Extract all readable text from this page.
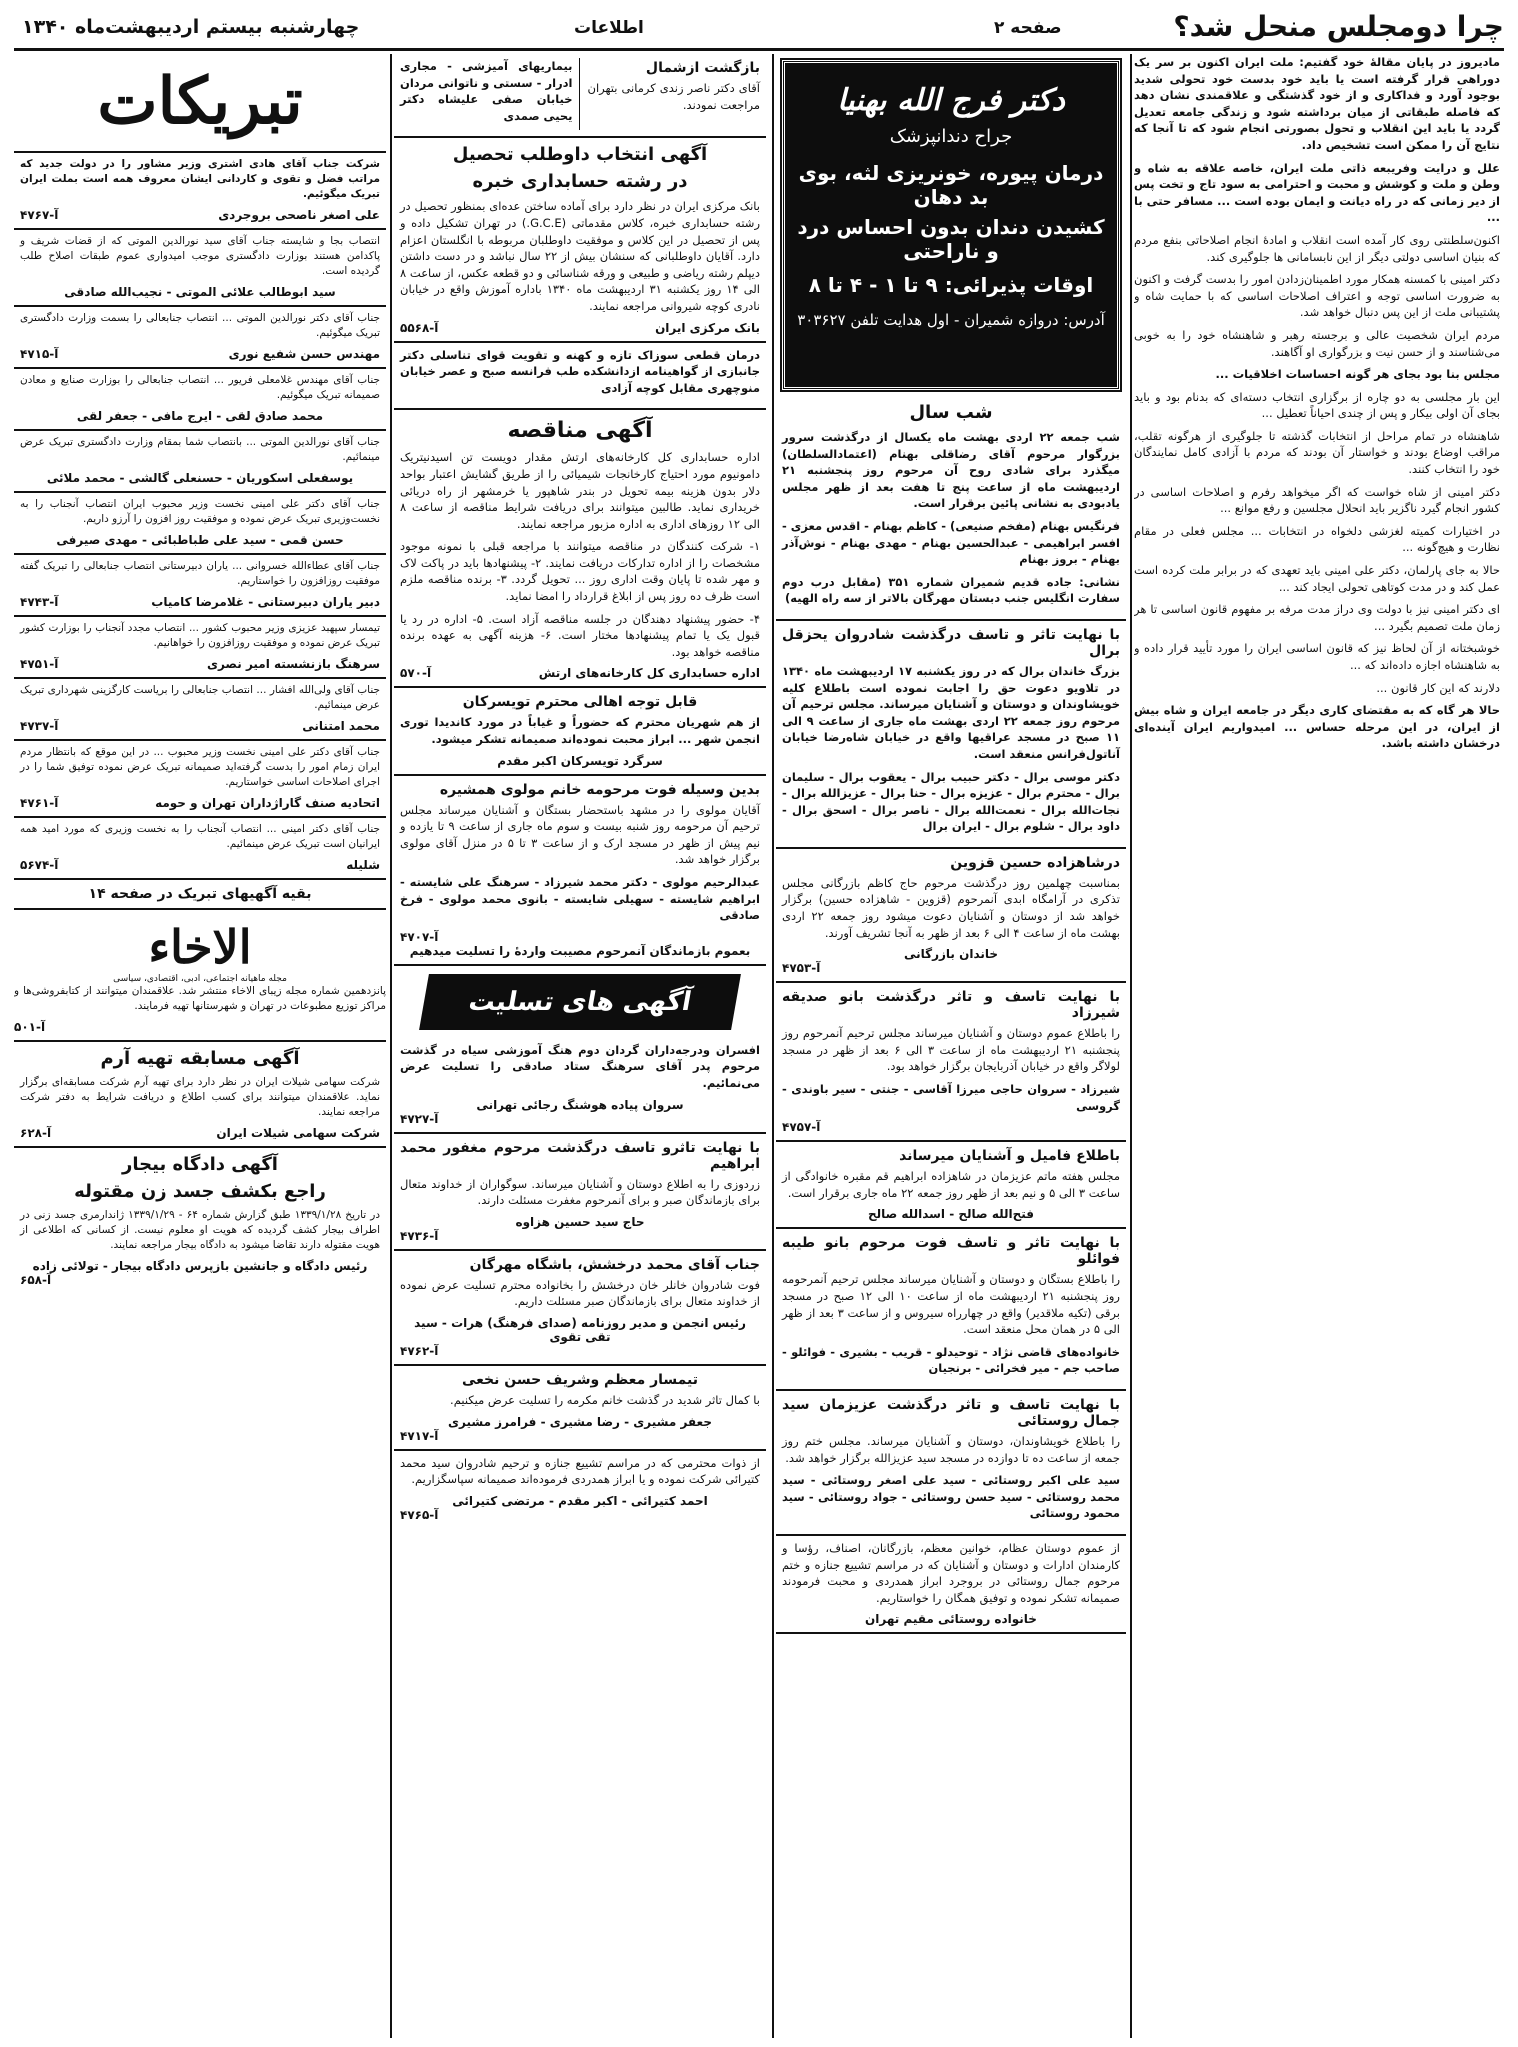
چرا دومجلس منحل شد؟
صفحه ۲
اطلاعات
چهارشنبه بیستم اردیبهشت‌ماه ۱۳۴۰

مادیروز در پایان مقالهٔ خود گفتیم: ملت ایران اکنون بر سر یک دوراهی قرار گرفته است یا باید خود بدست خود تحولی شدید بوجود آورد و فداکاری و از خود گذشتگی و علاقمندی نشان دهد که فاصله طبقاتی از میان برداشته شود و زندگی جامعه تعدیل گردد یا باید این انقلاب و تحول بصورتی انجام شود که تا آنجا که نتایج آن را ممکن است تشخیص داد.

علل و درایت وفریبعه ذاتی ملت ایران، خاصه علاقه به شاه و وطن و ملت و کوشش و محبت و احترامی به سود تاج و تخت پس از دیر زمانی که در راه دیانت و ایمان بوده است ... مسافر حتی با ...

اکنون‌سلطنتی روی کار آمده است انقلاب و امادهٔ انجام اصلاحاتی بنفع مردم که بنیان اساسی دولتی دیگر از این نابسامانی ها جلوگیری کند.

دکتر امینی با کمسنه همکار مورد اطمینان‌زدادن امور را بدست گرفت و اکنون به ضرورت اساسی توجه و اعتراف اصلاحات اساسی که با حمایت شاه و پشتیبانی ملت از این پس دنبال خواهد شد.

مردم ایران شخصیت عالی و برجسته رهبر و شاهنشاه خود را به خوبی می‌شناسند و از حسن نیت و بزرگواری او آگاهند.

مجلس بنا بود بجای هر گونه احساسات اخلاقیات ...

این بار مجلسی به دو چاره از برگزاری انتخاب دسته‌ای که بدنام بود و باید بجای آن اولی بیکار و پس از چندی احیاناً تعطیل ...

شاهنشاه در تمام مراحل از انتخابات گذشته تا جلوگیری از هرگونه تقلب، مراقب اوضاع بودند و خواستار آن بودند که مردم با آزادی کامل نمایندگان خود را انتخاب کنند.

دکتر امینی از شاه خواست که اگر میخواهد رفرم و اصلاحات اساسی در کشور انجام گیرد ناگزیر باید انحلال مجلسین و رفع موانع ...

در اختیارات کمیته لغزشی دلخواه در انتخابات ... مجلس فعلی در مقام نظارت و هیچ‌گونه ...

حالا به جای پارلمان، دکتر علی امینی باید تعهدی که در برابر ملت کرده است عمل کند و در مدت کوتاهی تحولی ایجاد کند ...

ای دکتر امینی نیز با دولت وی دراز مدت مرفه بر مفهوم قانون اساسی تا هر زمان ملت تصمیم بگیرد ...

خوشبختانه از آن لحاظ نیز که قانون اساسی ایران را مورد تأیید قرار داده و به شاهنشاه اجازه داده‌اند که ...

دلارند که این کار قانون ...

حالا هر گاه که به مقتضای کاری دیگر در جامعه ایران و شاه بیش از ایران، در این مرحله حساس ... امیدواریم ایران آینده‌ای درخشان داشته باشد.

دکتر فرج الله بهنیا
جراح دندانپزشک
درمان پیوره، خونریزی لثه، بوی بد دهان
کشیدن دندان بدون احساس درد و ناراحتی
اوقات پذیرائی: ۹ تا ۱ - ۴ تا ۸
آدرس: دروازه شمیران - اول هدایت تلفن ۳۰۳۶۲۷
شب سال

شب جمعه ۲۲ اردی بهشت ماه یکسال از درگذشت سرور بزرگوار مرحوم آقای رضاقلی بهنام (اعتمادالسلطان) میگذرد برای شادی روح آن مرحوم روز پنجشنبه ۲۱ اردیبهشت ماه از ساعت پنج تا هفت بعد از ظهر مجلس یادبودی به نشانی پائین برقرار است.

فرنگیس بهنام (مفخم صنیعی) - کاظم بهنام - اقدس معزی - افسر ابراهیمی - عبدالحسین بهنام - مهدی بهنام - نوش‌آذر بهنام - بروز بهنام

نشانی: جاده قدیم شمیران شماره ۳۵۱ (مقابل درب دوم سفارت انگلیس جنب دبستان مهرگان بالاتر از سه راه الهیه)

با نهایت تاثر و تاسف درگذشت شادروان یحزقل برال

بزرگ خاندان برال که در روز یکشنبه ۱۷ اردیبهشت ماه ۱۳۴۰ در تلاویو دعوت حق را اجابت نموده است باطلاع کلیه خویشاوندان و دوستان و آشنایان میرساند. مجلس ترحیم آن مرحوم روز جمعه ۲۲ اردی بهشت ماه جاری از ساعت ۹ الی ۱۱ صبح در مسجد عراقیها واقع در خیابان شاه‌رضا خیابان آناتول‌فرانس منعقد است.

دکتر موسی برال - دکتر حبیب برال - یعقوب برال - سلیمان برال - محترم برال - عزیزه برال - حنا برال - عزیزالله برال - نجات‌الله برال - نعمت‌الله برال - ناصر برال - اسحق برال - داود برال - شلوم برال - ایران برال

درشاهزاده حسین قزوین

بمناسبت چهلمین روز درگذشت مرحوم حاج کاظم بازرگانی مجلس تذکری در آرامگاه ابدی آنمرحوم (قزوین - شاهزاده حسین) برگزار خواهد شد از دوستان و آشنایان دعوت میشود روز جمعه ۲۲ اردی بهشت ماه از ساعت ۴ الی ۶ بعد از ظهر به آنجا تشریف آورند.

خاندان بازرگانی
آ-۴۷۵۳
با نهایت تاسف و تاثر درگذشت بانو صدیقه شیرزاد

را باطلاع عموم دوستان و آشنایان میرساند مجلس ترحیم آنمرحوم روز پنجشنبه ۲۱ اردیبهشت ماه از ساعت ۳ الی ۶ بعد از ظهر در مسجد لولاگر واقع در خیابان آذربایجان برگزار خواهد بود.

شیرزاد - سروان حاجی میرزا آقاسی - جنتی - سیر باوندی - گروسی

آ-۴۷۵۷
باطلاع فامیل و آشنایان میرساند

مجلس هفته ماتم عزیزمان در شاهزاده ابراهیم قم مقبره خانوادگی از ساعت ۳ الی ۵ و نیم بعد از ظهر روز جمعه ۲۲ ماه جاری برقرار است.

فتح‌الله صالح - اسدالله صالح
با نهایت تاثر و تاسف فوت مرحوم بانو طیبه فوائلو

را باطلاع بستگان و دوستان و آشنایان میرساند مجلس ترحیم آنمرحومه روز پنجشنبه ۲۱ اردیبهشت ماه از ساعت ۱۰ الی ۱۲ صبح در مسجد برقی (تکیه ملاقدیر) واقع در چهارراه سیروس و از ساعت ۳ بعد از ظهر الی ۵ در همان محل منعقد است.

خانواده‌های قاضی نژاد - توحیدلو - قریب - بشیری - فوائلو - صاحب جم - میر فخرائی - برنجیان

با نهایت تاسف و تاثر درگذشت عزیزمان سید جمال روستائی

را باطلاع خویشاوندان، دوستان و آشنایان میرساند. مجلس ختم روز جمعه از ساعت ده تا دوازده در مسجد سید عزیزالله برگزار خواهد شد.

سید علی اکبر روستائی - سید علی اصغر روستائی - سید محمد روستائی - سید حسن روستائی - جواد روستائی - سید محمود روستائی

از عموم دوستان عظام، خوانین معظم، بازرگانان، اصناف، رؤسا و کارمندان ادارات و دوستان و آشنایان که در مراسم تشییع جنازه و ختم مرحوم جمال روستائی در بروجرد ابراز همدردی و محبت فرمودند صمیمانه تشکر نموده و توفیق همگان را خواستاریم.

خانواده روستائی مقیم تهران
بازگشت ازشمال

آقای دکتر ناصر زندی کرمانی بتهران مراجعت نمودند.

بیماریهای آمیزشی - مجاری ادرار - سستی و ناتوانی مردان خیابان صفی علیشاه دکتر یحیی صمدی

آگهی انتخاب داوطلب تحصیل
در رشته حسابداری خبره

بانک مرکزی ایران در نظر دارد برای آماده ساختن عده‌ای بمنظور تحصیل در رشته حسابداری خبره، کلاس مقدماتی (G.C.E.) در تهران تشکیل داده و پس از تحصیل در این کلاس و موفقیت داوطلبان مربوطه با انگلستان اعزام دارد. آقایان داوطلبانی که سنشان بیش از ۲۲ سال نباشد و در دست داشتن دیپلم رشته ریاضی و طبیعی و ورقه شناسائی و دو قطعه عکس، از ساعت ۸ الی ۱۴ روز یکشنبه ۳۱ اردیبهشت ماه ۱۳۴۰ باداره آموزش واقع در خیابان نادری کوچه شیروانی مراجعه نمایند.

بانک مرکزی ایران
آ-۵۵۶۸

درمان قطعی سوزاک تازه و کهنه و تقویت قوای تناسلی دکتر جانبازی از گواهینامه ازدانشکده طب فرانسه صبح و عصر خیابان منوچهری مقابل کوچه آزادی

آگهی مناقصه

اداره حسابداری کل کارخانه‌های ارتش مقدار دویست تن اسیدنیتریک دامونیوم مورد احتیاج کارخانجات شیمیائی را از طریق گشایش اعتبار بواحد دلار بدون هزینه بیمه تحویل در بندر شاهپور یا خرمشهر از راه دریائی خریداری نماید. طالبین میتوانند برای دریافت شرایط مناقصه از ساعت ۸ الی ۱۲ روزهای اداری به اداره مزبور مراجعه نمایند.

۱- شرکت کنندگان در مناقصه میتوانند با مراجعه قبلی با نمونه موجود مشخصات را از اداره تدارکات دریافت نمایند. ۲- پیشنهادها باید در پاکت لاک و مهر شده تا پایان وقت اداری روز ... تحویل گردد. ۳- برنده مناقصه ملزم است ظرف ده روز پس از ابلاغ قرارداد را امضا نماید.

۴- حضور پیشنهاد دهندگان در جلسه مناقصه آزاد است. ۵- اداره در رد یا قبول یک یا تمام پیشنهادها مختار است. ۶- هزینه آگهی به عهده برنده مناقصه خواهد بود.

اداره حسابداری کل کارخانه‌های ارتش
آ-۵۷۰
قابل توجه اهالی محترم تویسرکان

از هم شهریان محترم که حضوراً و غیاباً در مورد کاندیدا توری انجمن شهر ... ابراز محبت نموده‌اند صمیمانه تشکر میشود.

سرگرد تویسرکان اکبر مقدم
بدین وسیله فوت مرحومه خانم مولوی همشیره

آقایان مولوی را در مشهد باستحضار بستگان و آشنایان میرساند مجلس ترحیم آن مرحومه روز شنبه بیست و سوم ماه جاری از ساعت ۹ تا یازده و نیم پیش از ظهر در مسجد ارک و از ساعت ۳ تا ۵ در منزل آقای مولوی برگزار خواهد شد.

عبدالرحیم مولوی - دکتر محمد شیرزاد - سرهنگ علی شایسته - ابراهیم شایسته - سهیلی شایسته - بانوی محمد مولوی - فرخ صادقی

آ-۴۷۰۷
بعموم بازماندگان آنمرحوم مصیبت واردهٔ را تسلیت میدهیم
آگهی های تسلیت

افسران ودرجه‌داران گردان دوم هنگ آموزشی سیاه در گذشت مرحوم پدر آقای سرهنگ ستاد صادقی را تسلیت عرض می‌نمائیم.

سروان پیاده هوشنگ رجائی تهرانی
آ-۴۷۲۷
با نهایت تاثرو تاسف درگذشت مرحوم مغفور محمد ابراهیم

زردوزی را به اطلاع دوستان و آشنایان میرساند. سوگواران از خداوند متعال برای بازماندگان صبر و برای آنمرحوم مغفرت مسئلت دارند.

حاج سید حسین هزاوه
آ-۴۷۳۶
جناب آقای محمد درخشش، باشگاه مهرگان

فوت شادروان خانلر خان درخشش را بخانواده محترم تسلیت عرض نموده از خداوند متعال برای بازماندگان صبر مسئلت داریم.

رئیس انجمن و مدیر روزنامه (صدای فرهنگ) هرات - سید تقی تقوی
آ-۴۷۶۲
تیمسار معظم وشریف حسن نخعی

با کمال تاثر شدید در گذشت خانم مکرمه را تسلیت عرض میکنیم.

جعفر مشیری - رضا مشیری - فرامرز مشیری
آ-۴۷۱۷

از ذوات محترمی که در مراسم تشییع جنازه و ترحیم شادروان سید محمد کتیرائی شرکت نموده و یا ابراز همدردی فرموده‌اند صمیمانه سپاسگزاریم.

احمد کتیرائی - اکبر مقدم - مرتضی کتیرائی
آ-۴۷۶۵
تبریکات

شرکت جناب آقای هادی اشتری وزیر مشاور را در دولت جدید که مراتب فضل و تقوی و کاردانی ایشان معروف همه است بملت ایران تبریک میگوئیم.

علی اصغر ناصحی بروجردی
آ-۴۷۶۷

انتصاب بجا و شایسته جناب آقای سید نورالدین الموتی که از قضات شریف و پاکدامن هستند بوزارت دادگستری موجب امیدواری عموم طبقات اصلاح طلب گردیده است.

سید ابوطالب علائی الموتی - نجیب‌الله صادقی

جناب آقای دکتر نورالدین الموتی ... انتصاب جنابعالی را بسمت وزارت دادگستری تبریک میگوئیم.

مهندس حسن شفیع نوری
آ-۴۷۱۵

جناب آقای مهندس غلامعلی فریور ... انتصاب جنابعالی را بوزارت صنایع و معادن صمیمانه تبریک میگوئیم.

محمد صادق لقی - ایرج مافی - جعفر لقی

جناب آقای نورالدین الموتی ... بانتصاب شما بمقام وزارت دادگستری تبریک عرض مینمائیم.

یوسفعلی اسکوریان - حسنعلی گالشی - محمد ملائی

جناب آقای دکتر علی امینی نخست وزیر محبوب ایران انتصاب آنجناب را به نخست‌وزیری تبریک عرض نموده و موفقیت روز افزون را آرزو داریم.

حسن قمی - سید علی طباطبائی - مهدی صیرفی

جناب آقای عطاءالله خسروانی ... یاران دبیرستانی انتصاب جنابعالی را تبریک گفته موفقیت روزافزون را خواستاریم.

دبیر یاران دبیرستانی - غلامرضا کامیاب
آ-۴۷۴۳

تیمسار سپهبد عزیزی وزیر محبوب کشور ... انتصاب مجدد آنجناب را بوزارت کشور تبریک عرض نموده و موفقیت روزافزون را خواهانیم.

سرهنگ بازنشسته امیر نصری
آ-۴۷۵۱

جناب آقای ولی‌الله افشار ... انتصاب جنابعالی را بریاست کارگزینی شهرداری تبریک عرض مینمائیم.

محمد امتنانی
آ-۴۷۳۷

جناب آقای دکتر علی امینی نخست وزیر محبوب ... در این موقع که بانتظار مردم ایران زمام امور را بدست گرفته‌اید صمیمانه تبریک عرض نموده توفیق شما را در اجرای اصلاحات اساسی خواستاریم.

اتحادیه صنف گاراژداران تهران و حومه
آ-۴۷۶۱

جناب آقای دکتر امینی ... انتصاب آنجناب را به نخست وزیری که مورد امید همه ایرانیان است تبریک عرض مینمائیم.

شلیله
آ-۵۶۷۴
بقیه آگهیهای تبریک در صفحه ۱۴
الاخاء
مجله ماهیانه اجتماعی، ادبی، اقتصادی، سیاسی

پانزدهمین شماره مجله زیبای الاخاء منتشر شد. علاقمندان میتوانند از کتابفروشی‌ها و مراکز توزیع مطبوعات در تهران و شهرستانها تهیه فرمایند.

آ-۵۰۱
آگهی مسابقه تهیه آرم

شرکت سهامی شیلات ایران در نظر دارد برای تهیه آرم شرکت مسابقه‌ای برگزار نماید. علاقمندان میتوانند برای کسب اطلاع و دریافت شرایط به دفتر شرکت مراجعه نمایند.

شرکت سهامی شیلات ایران
آ-۶۲۸
آگهی دادگاه بیجار
راجع بکشف جسد زن مقتوله

در تاریخ ۱۳۳۹/۱/۲۸ طبق گزارش شماره ۶۴ - ۱۳۳۹/۱/۲۹ ژاندارمری جسد زنی در اطراف بیجار کشف گردیده که هویت او معلوم نیست. از کسانی که اطلاعی از هویت مقتوله دارند تقاضا میشود به دادگاه بیجار مراجعه نمایند.

رئیس دادگاه و جانشین بازپرس دادگاه بیجار - تولائی زاده
آ-۶۵۸
